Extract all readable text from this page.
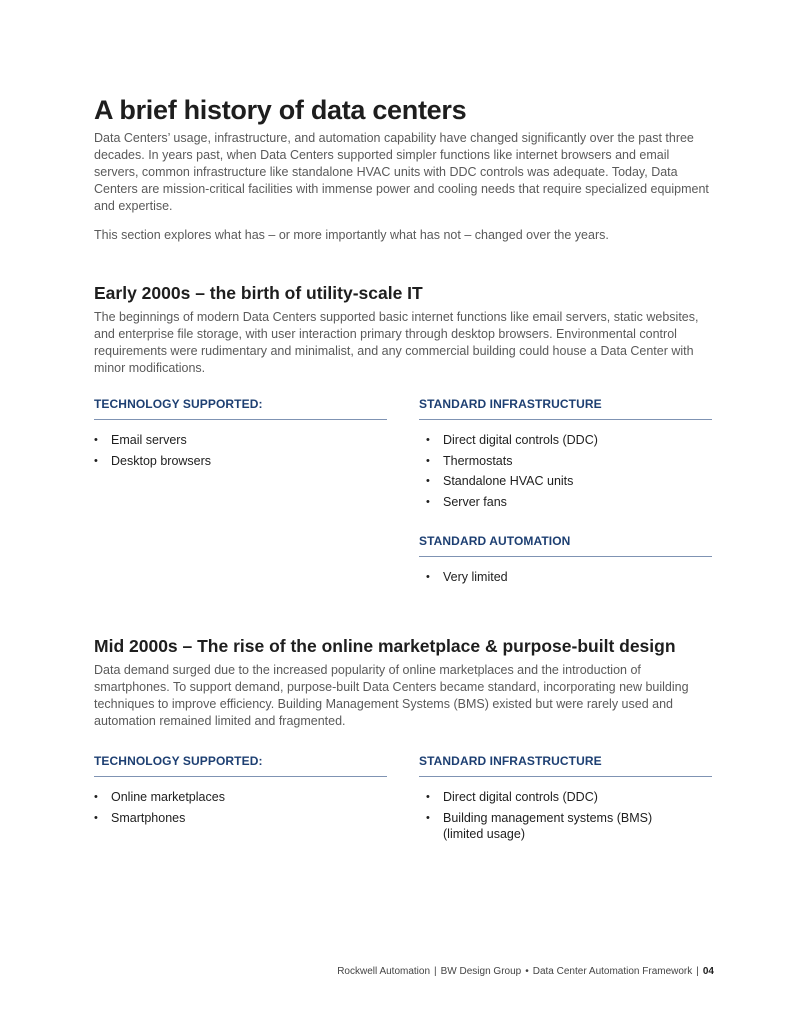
A brief history of data centers

Data Centers’ usage, infrastructure, and automation capability have changed significantly over the past three decades. In years past, when Data Centers supported simpler functions like internet browsers and email servers, common infrastructure like standalone HVAC units with DDC controls was adequate. Today, Data Centers are mission-critical facilities with immense power and cooling needs that require specialized equipment and expertise.

This section explores what has – or more importantly what has not – changed over the years.

Early 2000s – the birth of utility-scale IT

The beginnings of modern Data Centers supported basic internet functions like email servers, static websites, and enterprise file storage, with user interaction primary through desktop browsers. Environmental control requirements were rudimentary and minimalist, and any commercial building could house a Data Center with minor modifications.

TECHNOLOGY SUPPORTED:
• Email servers
• Desktop browsers
STANDARD INFRASTRUCTURE
• Direct digital controls (DDC)
• Thermostats
• Standalone HVAC units
• Server fans
STANDARD AUTOMATION
• Very limited
Mid 2000s – The rise of the online marketplace & purpose-built design

Data demand surged due to the increased popularity of online marketplaces and the introduction of smartphones. To support demand, purpose-built Data Centers became standard, incorporating new building techniques to improve efficiency. Building Management Systems (BMS) existed but were rarely used and automation remained limited and fragmented.

TECHNOLOGY SUPPORTED:
• Online marketplaces
• Smartphones
STANDARD INFRASTRUCTURE
• Direct digital controls (DDC)
• Building management systems (BMS) (limited usage)
Rockwell Automation | BW Design Group • Data Center Automation Framework | 04
